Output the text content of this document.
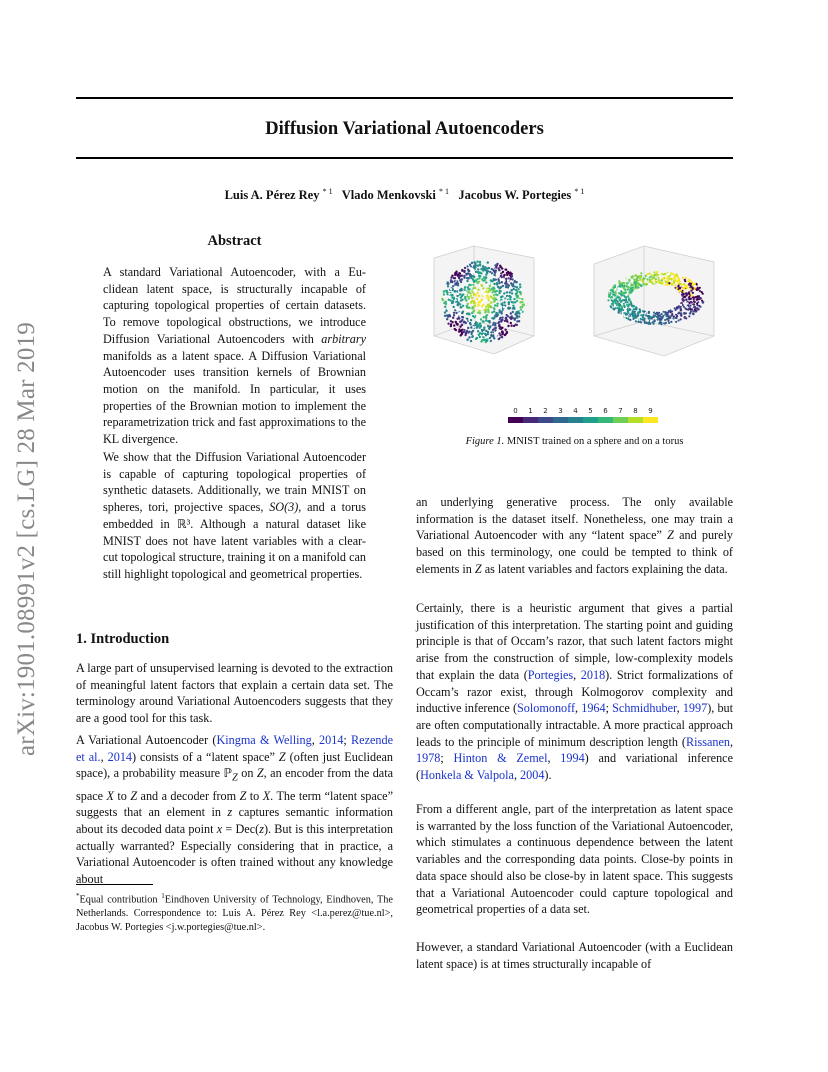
arXiv:1901.08991v2 [cs.LG] 28 Mar 2019
Diffusion Variational Autoencoders
Luis A. Pérez Rey $^{* 1}$ Vlado Menkovski $^{* 1}$ Jacobus W. Portegies $^{* 1}$
Abstract
A standard Variational Autoencoder, with a Eu- clidean latent space, is structurally incapable of capturing topological properties of certain datasets. To remove topological obstructions, we introduce Diffusion Variational Autoencoders with arbitrary manifolds as a latent space. A Diffusion Variational Autoencoder uses transition kernels of Brownian motion on the manifold. In particular, it uses properties of the Brownian motion to implement the reparametrization trick and fast approximations to the KL divergence.
We show that the Diffusion Variational Autoencoder is capable of capturing topological properties of synthetic datasets. Additionally, we train MNIST on spheres, tori, projective spaces, SO(3), and a torus embedded in ℝ³. Although a natural dataset like MNIST does not have latent variables with a clear-cut topological structure, training it on a manifold can still highlight topological and geometrical properties.
1. Introduction
A large part of unsupervised learning is devoted to the extraction of meaningful latent factors that explain a certain data set. The terminology around Variational Autoencoders suggests that they are a good tool for this task.
A Variational Autoencoder (Kingma & Welling, 2014; Rezende et al., 2014) consists of a “latent space” Z (often just Euclidean space), a probability measure ℙ$_Z$ on Z, an encoder from the data space X to Z and a decoder from Z to X. The term “latent space” suggests that an element in z captures semantic information about its decoded data point x = Dec(z). But is this interpretation actually warranted? Especially considering that in practice, a Variational Autoencoder is often trained without any knowledge about
*Equal contribution $^1$Eindhoven University of Technology, Eindhoven, The Netherlands. Correspondence to: Luis A. Pérez Rey <l.a.perez@tue.nl>, Jacobus W. Portegies <j.w.portegies@tue.nl>.
0 1 2 3 4 5 6 7 8 9
Figure 1. MNIST trained on a sphere and on a torus
an underlying generative process. The only available information is the dataset itself. Nonetheless, one may train a Variational Autoencoder with any “latent space” Z and purely based on this terminology, one could be tempted to think of elements in Z as latent variables and factors explaining the data.
Certainly, there is a heuristic argument that gives a partial justification of this interpretation. The starting point and guiding principle is that of Occam’s razor, that such latent factors might arise from the construction of simple, low-complexity models that explain the data (Portegies, 2018). Strict formalizations of Occam’s razor exist, through Kolmogorov complexity and inductive inference (Solomonoff, 1964; Schmidhuber, 1997), but are often computationally intractable. A more practical approach leads to the principle of minimum description length (Rissanen, 1978; Hinton & Zemel, 1994) and variational inference (Honkela & Valpola, 2004).
From a different angle, part of the interpretation as latent space is warranted by the loss function of the Variational Autoencoder, which stimulates a continuous dependence between the latent variables and the corresponding data points. Close-by points in data space should also be close-by in latent space. This suggests that a Variational Autoencoder could capture topological and geometrical properties of a data set.
However, a standard Variational Autoencoder (with a Euclidean latent space) is at times structurally incapable of
